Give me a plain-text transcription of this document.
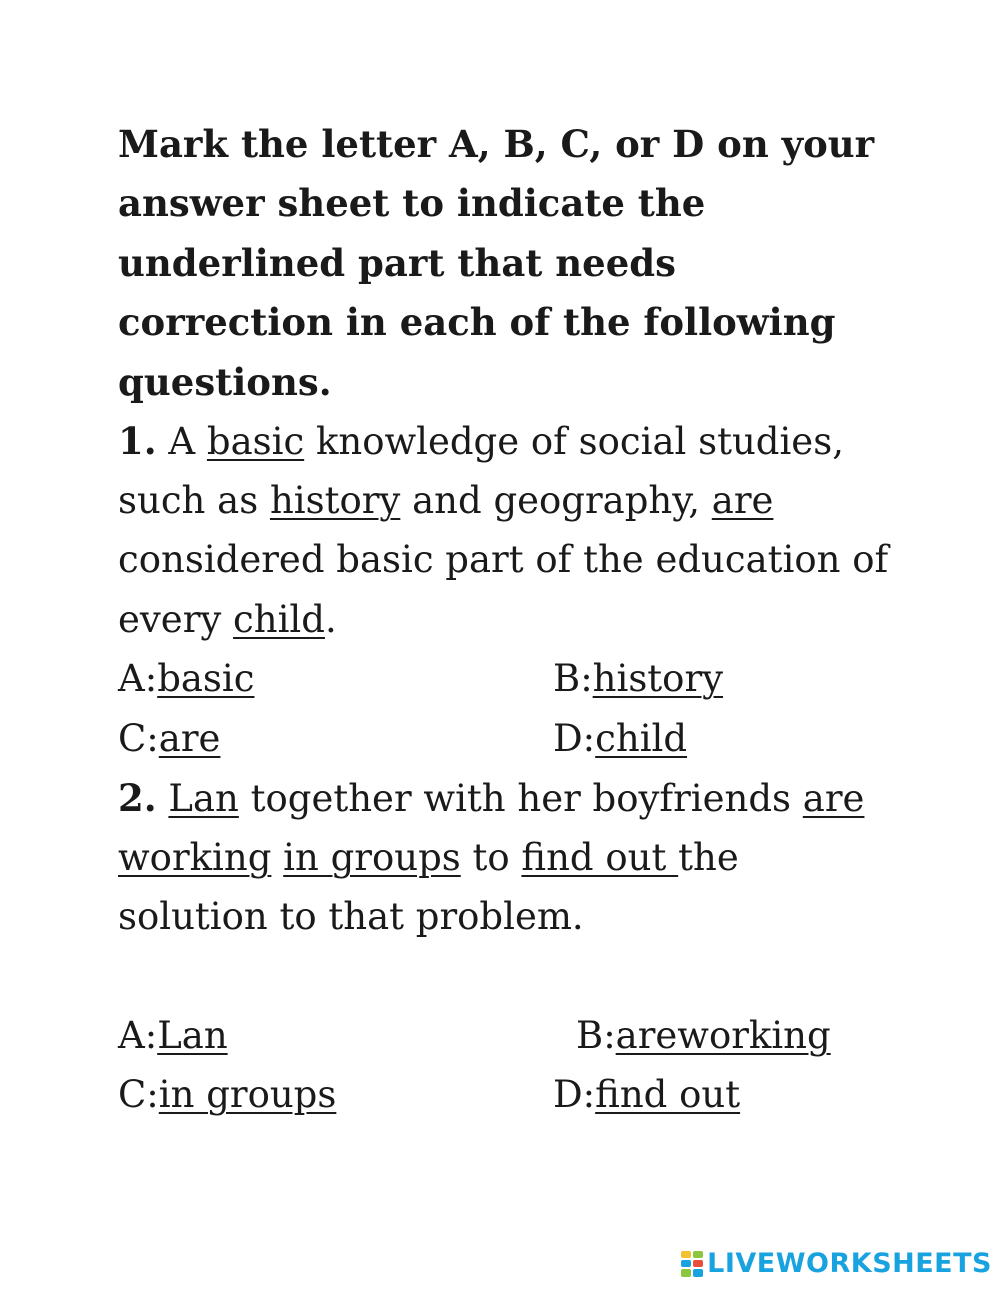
Mark the letter A, B, C, or D on your
answer sheet to indicate the
underlined part that needs
correction in each of the following
questions.
1. A basic knowledge of social studies,
such as history and geography, are
considered basic part of the education of
every child.
A:basic	B:history
C:are	D:child
2. Lan together with her boyfriends are
working in groups to find out the
solution to that problem.
A:Lan	B:areworking
C:in groups	D:find out
LIVEWORKSHEETS
